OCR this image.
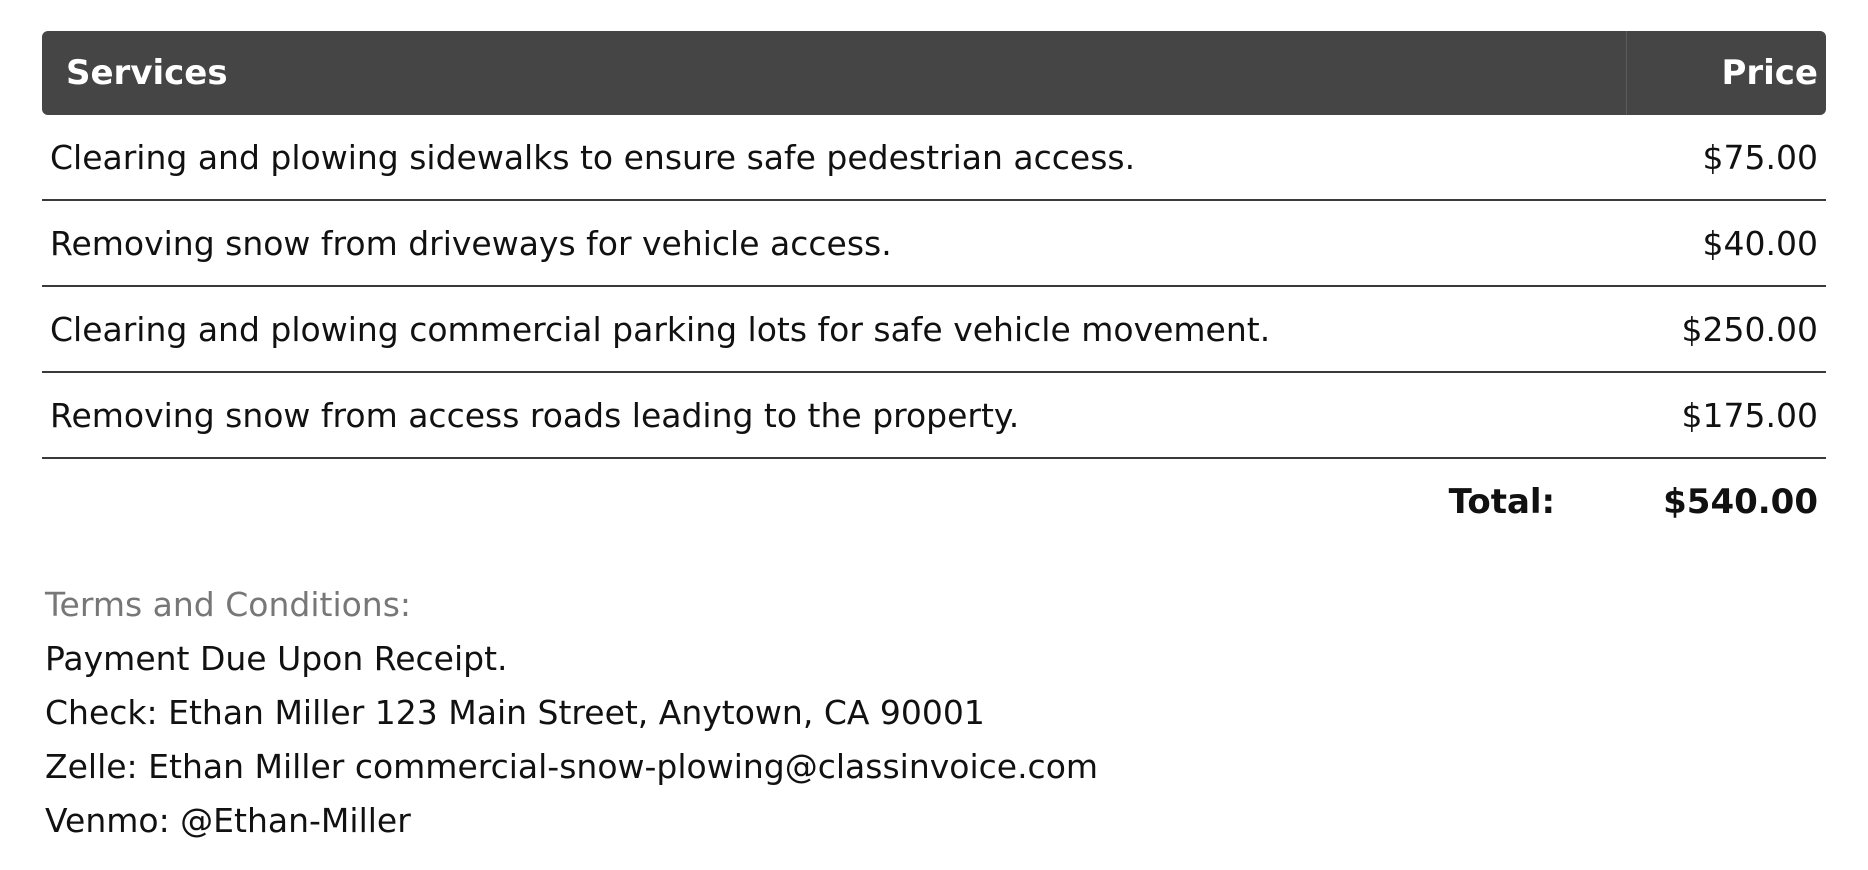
Services	Price
Clearing and plowing sidewalks to ensure safe pedestrian access.	$75.00
Removing snow from driveways for vehicle access.	$40.00
Clearing and plowing commercial parking lots for safe vehicle movement.	$250.00
Removing snow from access roads leading to the property.	$175.00
Total:	$540.00
Terms and Conditions:
Payment Due Upon Receipt.
Check: Ethan Miller 123 Main Street, Anytown, CA 90001
Zelle: Ethan Miller commercial-snow-plowing@classinvoice.com
Venmo: @Ethan-Miller
